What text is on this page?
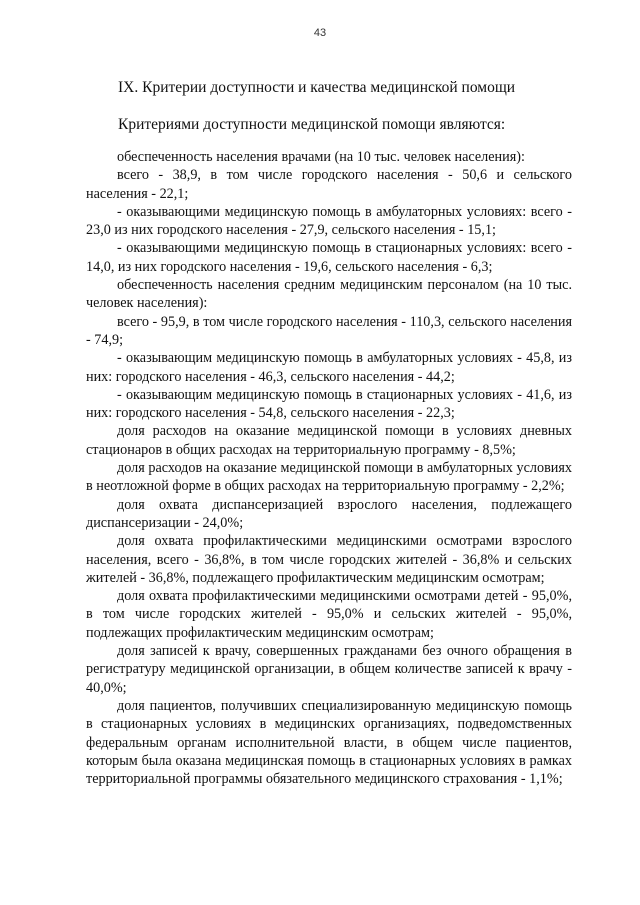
43
IX. Критерии доступности и качества медицинской помощи
Критериями доступности медицинской помощи являются:

обеспеченность населения врачами (на 10 тыс. человек населения):

всего - 38,9, в том числе городского населения - 50,6 и сельского населения - 22,1;

- оказывающими медицинскую помощь в амбулаторных условиях: всего - 23,0 из них городского населения - 27,9, сельского населения - 15,1;

- оказывающими медицинскую помощь в стационарных условиях: всего - 14,0, из них городского населения - 19,6, сельского населения - 6,3;

обеспеченность населения средним медицинским персоналом (на 10 тыс. человек населения):

всего - 95,9, в том числе городского населения - 110,3, сельского населения - 74,9;

- оказывающим медицинскую помощь в амбулаторных условиях - 45,8, из них: городского населения - 46,3, сельского населения - 44,2;

- оказывающим медицинскую помощь в стационарных условиях - 41,6, из них: городского населения - 54,8, сельского населения - 22,3;

доля расходов на оказание медицинской помощи в условиях дневных стационаров в общих расходах на территориальную программу - 8,5%;

доля расходов на оказание медицинской помощи в амбулаторных условиях в неотложной форме в общих расходах на территориальную программу - 2,2%;

доля охвата диспансеризацией взрослого населения, подлежащего диспансеризации - 24,0%;

доля охвата профилактическими медицинскими осмотрами взрослого населения, всего - 36,8%, в том числе городских жителей - 36,8% и сельских жителей - 36,8%, подлежащего профилактическим медицинским осмотрам;

доля охвата профилактическими медицинскими осмотрами детей - 95,0%, в том числе городских жителей - 95,0% и сельских жителей - 95,0%, подлежащих профилактическим медицинским осмотрам;

доля записей к врачу, совершенных гражданами без очного обращения в регистратуру медицинской организации, в общем количестве записей к врачу - 40,0%;

доля пациентов, получивших специализированную медицинскую помощь в стационарных условиях в медицинских организациях, подведомственных федеральным органам исполнительной власти, в общем числе пациентов, которым была оказана медицинская помощь в стационарных условиях в рамках территориальной программы обязательного медицинского страхования - 1,1%;
